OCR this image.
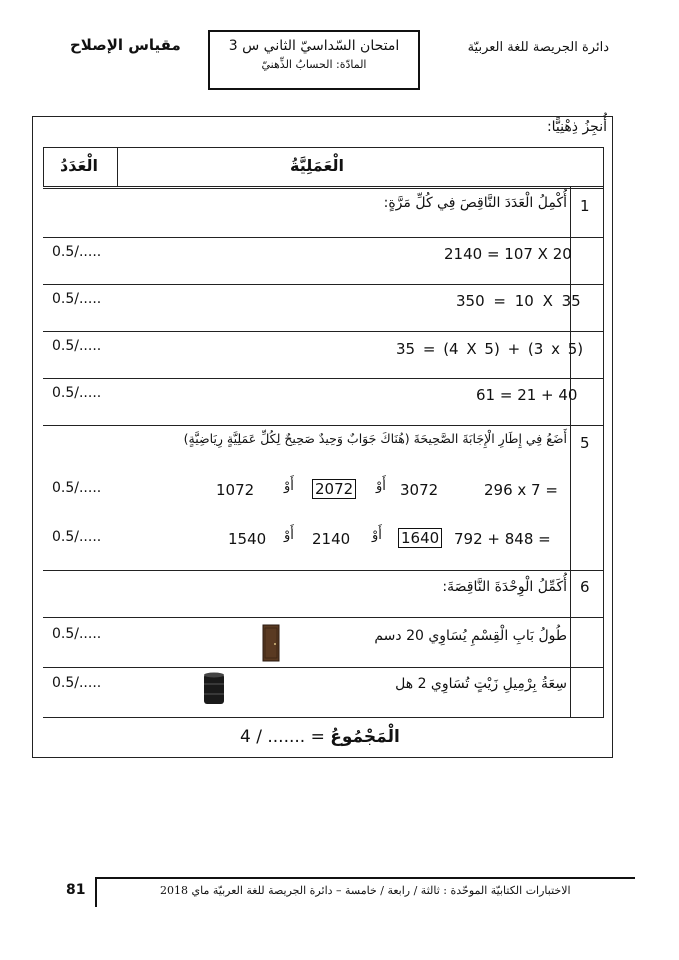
دائرة الجريصة للغة العربيّة
مقياس الإصلاح	امتحان السّداسيّ الثاني س 3
المادّة: الحسابُ الذِّهنيّ
أُنجِزُ ذِهْنِيًّا:
الْعَمَلِيَّةُ
الْعَدَدُ
1
أُكْمِلُ الْعَدَدَ النَّاقِصَ فِي كُلِّ مَرَّةٍ:
2140 = 107 X 20
0.5/.....
350 = 10 X 35
0.5/.....
35 = (4 X 5) + (3 x 5)
0.5/.....
61 = 21 + 40
0.5/.....
5
أَضَعُ فِي إِطَارِ الْإِجَابَةَ الصَّحِيحَةَ (هُنَاكَ جَوَابٌ وَحِيدٌ صَحِيحٌ لِكُلِّ عَمَلِيَّةٍ رِيَاضِيَّةٍ)
1072 أَوْ 2072 أَوْ 3072	296 x 7 =
0.5/.....
1540 أَوْ 2140 أَوْ 1640 792 + 848 =
0.5/.....
6
أُكَمِّلُ الْوِحْدَةَ النَّاقِصَةَ:
طُولُ بَابِ الْقِسْمِ يُسَاوِي 20 دسم
0.5/.....
سِعَةُ بِرْمِيلِ زَيْتٍ تُسَاوِي 2 هل
0.5/.....
الْمَجْمُوعُ = ....... / 4
81	الاختبارات الكتابيّة الموحّدة : ثالثة / رابعة / خامسة – دائرة الجريصة للغة العربيّة ماي 2018
